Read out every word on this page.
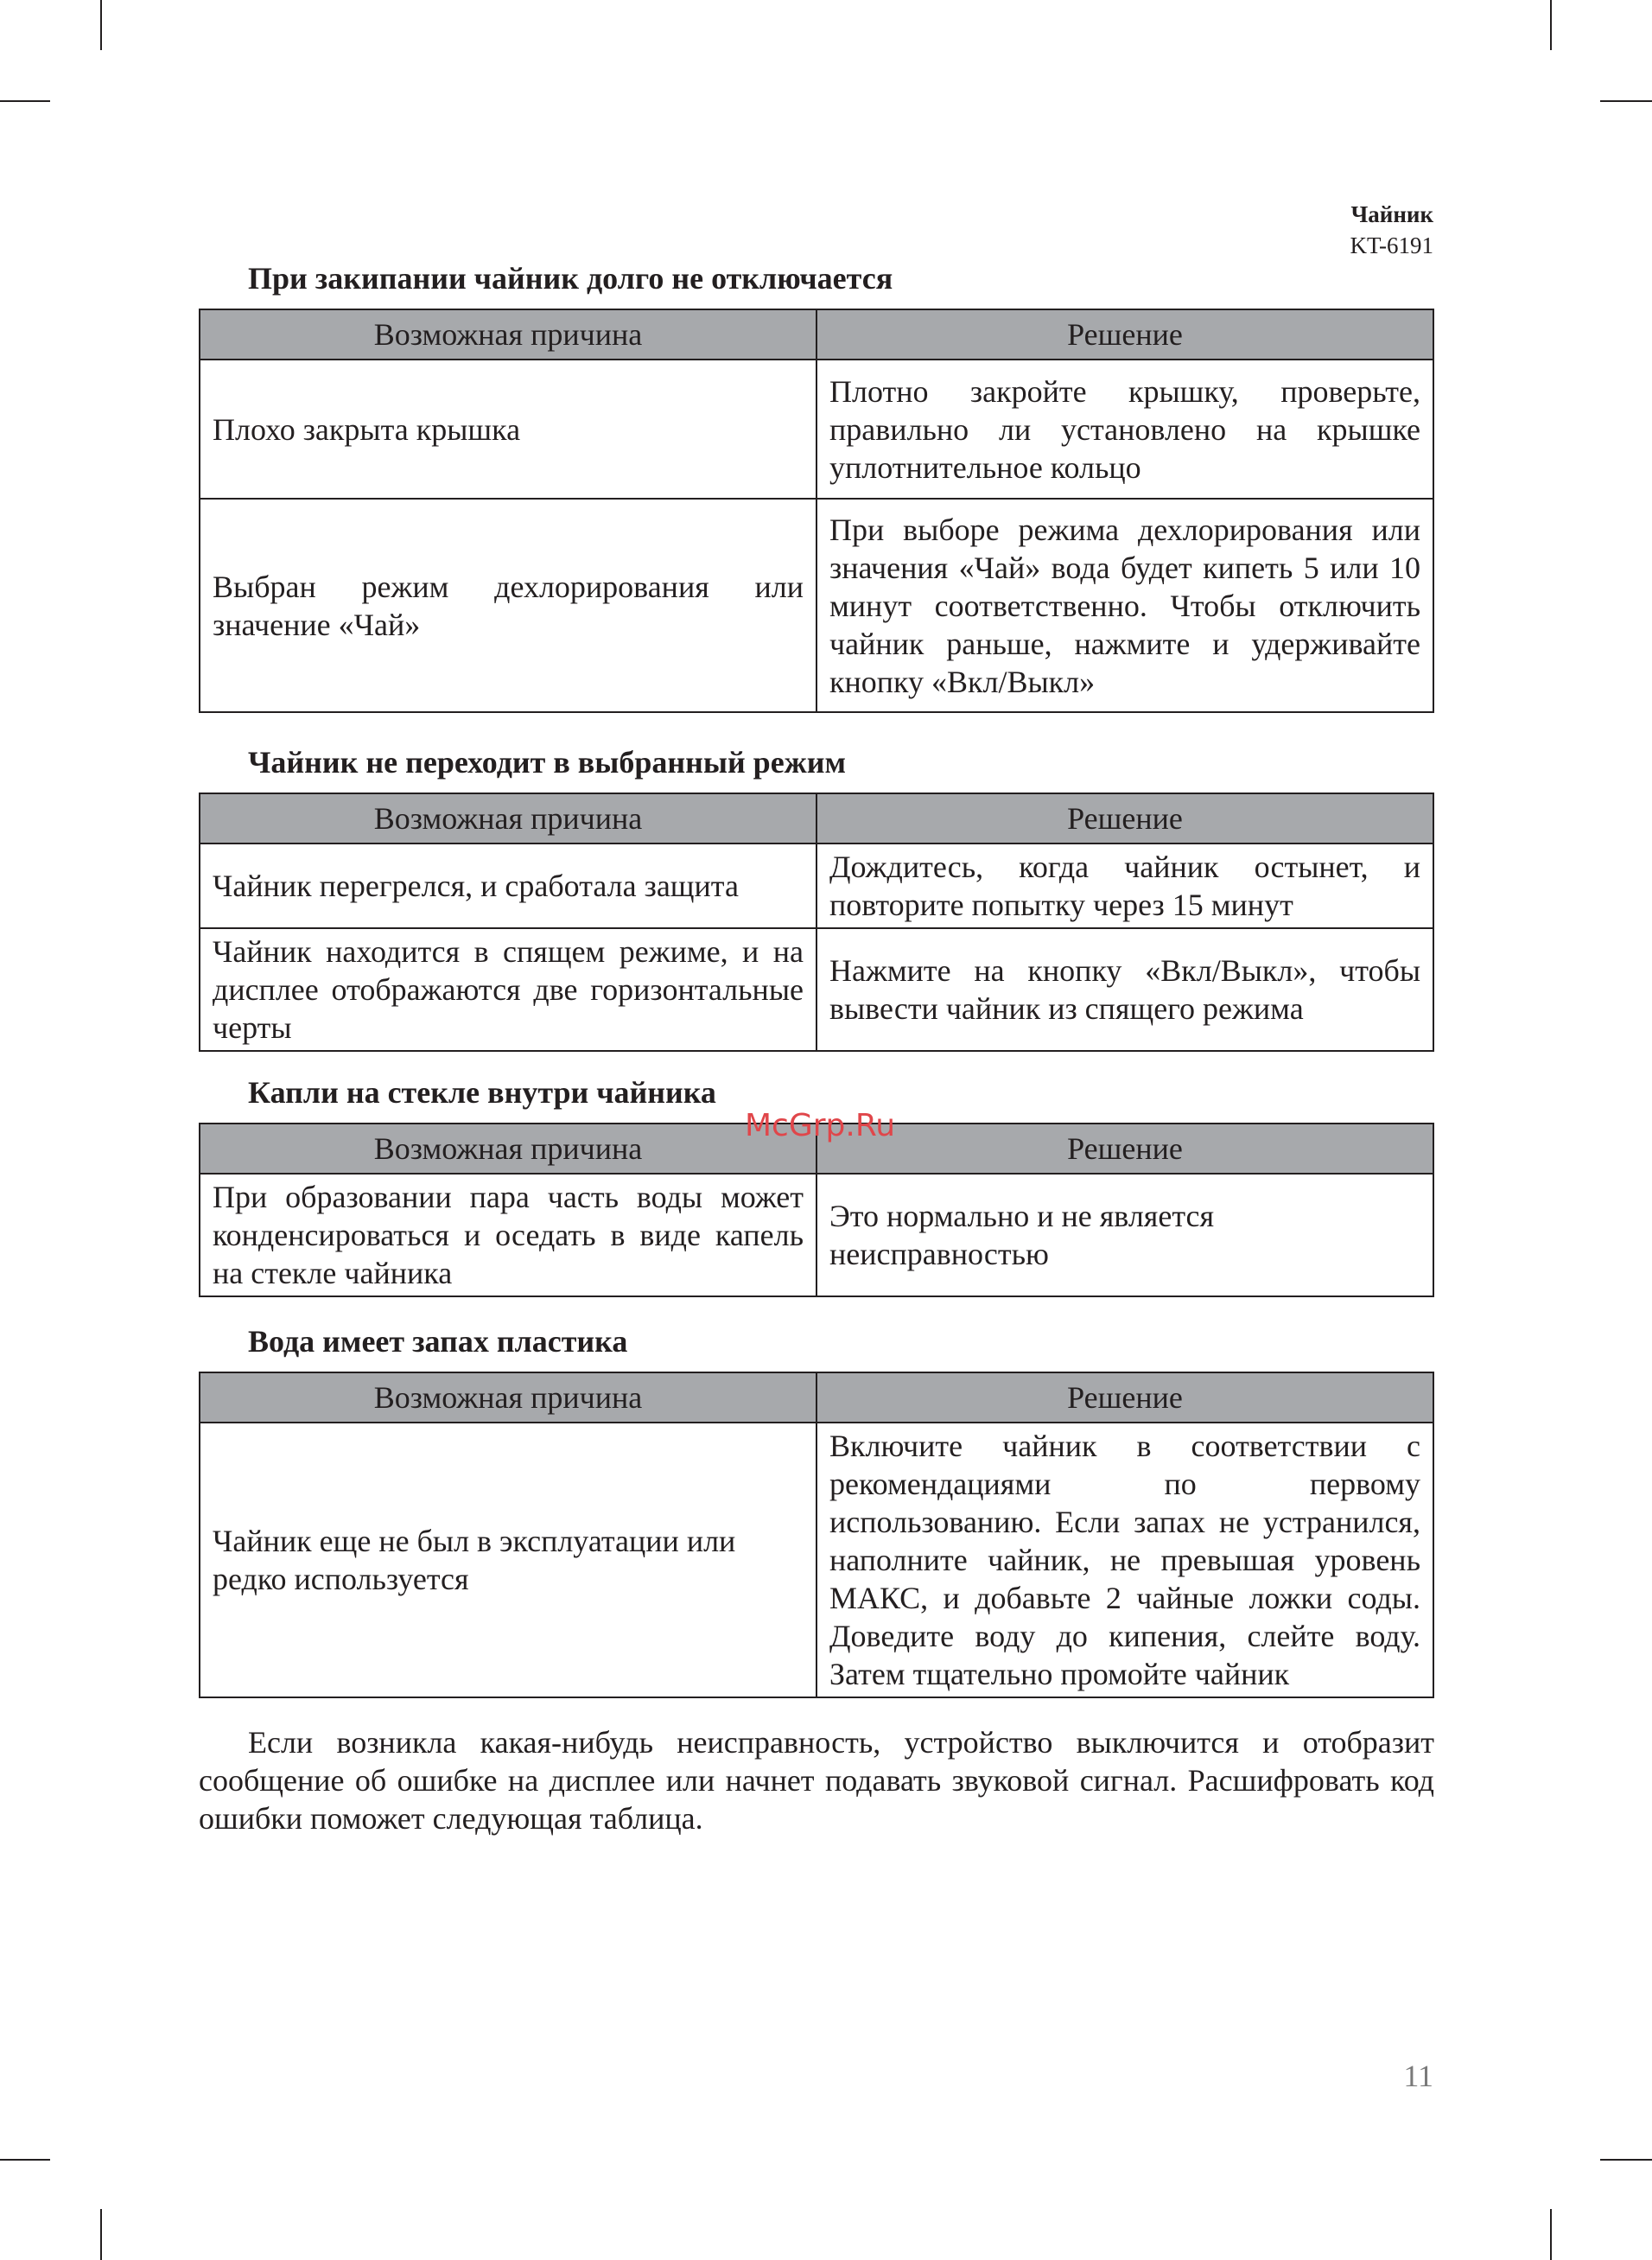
Чайник
KT-6191
При закипании чайник долго не отключается
Возможная причина	Решение
Плохо закрыта крышка	Плотно закройте крышку, проверьте, правильно ли установлено на крышке уплотнительное кольцо
Выбран режим дехлорирования или значение «Чай»	При выборе режима дехлорирования или значения «Чай» вода будет кипеть 5 или 10 минут соответственно. Чтобы отключить чайник раньше, нажмите и удерживайте кнопку «Вкл/Выкл»
Чайник не переходит в выбранный режим
Возможная причина	Решение
Чайник перегрелся, и сработала защита	Дождитесь, когда чайник остынет, и повторите попытку через 15 минут
Чайник находится в спящем режиме, и на дисплее отображаются две горизонтальные черты	Нажмите на кнопку «Вкл/Выкл», чтобы вывести чайник из спящего режима
Капли на стекле внутри чайника
Возможная причина	Решение
При образовании пара часть воды может конденсироваться и оседать в виде капель на стекле чайника	Это нормально и не является неисправностью
Вода имеет запах пластика
Возможная причина	Решение
Чайник еще не был в эксплуатации или редко используется	Включите чайник в соответствии с рекомендациями по первому использованию. Если запах не устранился, наполните чайник, не превышая уровень МАКС, и добавьте 2 чайные ложки соды. Доведите воду до кипения, слейте воду. Затем тщательно промойте чайник

Если возникла какая-нибудь неисправность, устройство выключится и отобразит сообщение об ошибке на дисплее или начнет подавать звуковой сигнал. Расшифровать код ошибки поможет следующая таблица.

McGrp.Ru
11
